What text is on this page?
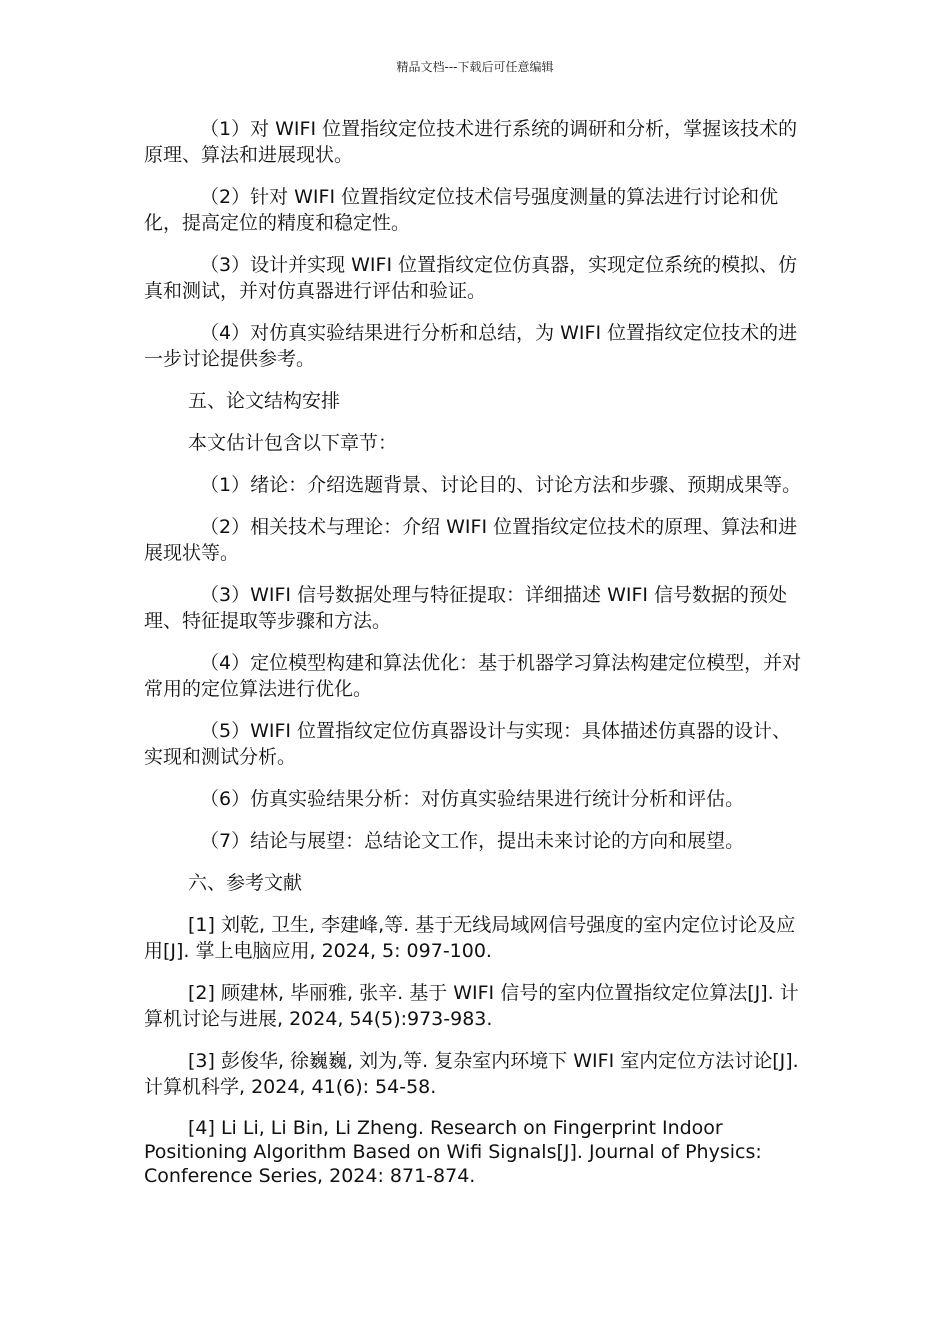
精品文档---下载后可任意编辑

（1）对 WIFI 位置指纹定位技术进行系统的调研和分析，掌握该技术的原理、算法和进展现状。

（2）针对 WIFI 位置指纹定位技术信号强度测量的算法进行讨论和优化，提高定位的精度和稳定性。

（3）设计并实现 WIFI 位置指纹定位仿真器，实现定位系统的模拟、仿真和测试，并对仿真器进行评估和验证。

（4）对仿真实验结果进行分析和总结，为 WIFI 位置指纹定位技术的进一步讨论提供参考。

五、论文结构安排

本文估计包含以下章节：

（1）绪论：介绍选题背景、讨论目的、讨论方法和步骤、预期成果等。

（2）相关技术与理论：介绍 WIFI 位置指纹定位技术的原理、算法和进展现状等。

（3）WIFI 信号数据处理与特征提取：详细描述 WIFI 信号数据的预处理、特征提取等步骤和方法。

（4）定位模型构建和算法优化：基于机器学习算法构建定位模型，并对常用的定位算法进行优化。

（5）WIFI 位置指纹定位仿真器设计与实现：具体描述仿真器的设计、实现和测试分析。

（6）仿真实验结果分析：对仿真实验结果进行统计分析和评估。

（7）结论与展望：总结论文工作，提出未来讨论的方向和展望。

六、参考文献

[1] 刘乾, 卫生, 李建峰,等. 基于无线局域网信号强度的室内定位讨论及应用[J]. 掌上电脑应用, 2024, 5: 097-100.

[2] 顾建林, 毕丽雅, 张辛. 基于 WIFI 信号的室内位置指纹定位算法[J]. 计算机讨论与进展, 2024, 54(5):973-983.

[3] 彭俊华, 徐巍巍, 刘为,等. 复杂室内环境下 WIFI 室内定位方法讨论[J]. 计算机科学, 2024, 41(6): 54-58.

[4] Li Li, Li Bin, Li Zheng. Research on Fingerprint Indoor Positioning Algorithm Based on Wifi Signals[J]. Journal of Physics: Conference Series, 2024: 871-874.
